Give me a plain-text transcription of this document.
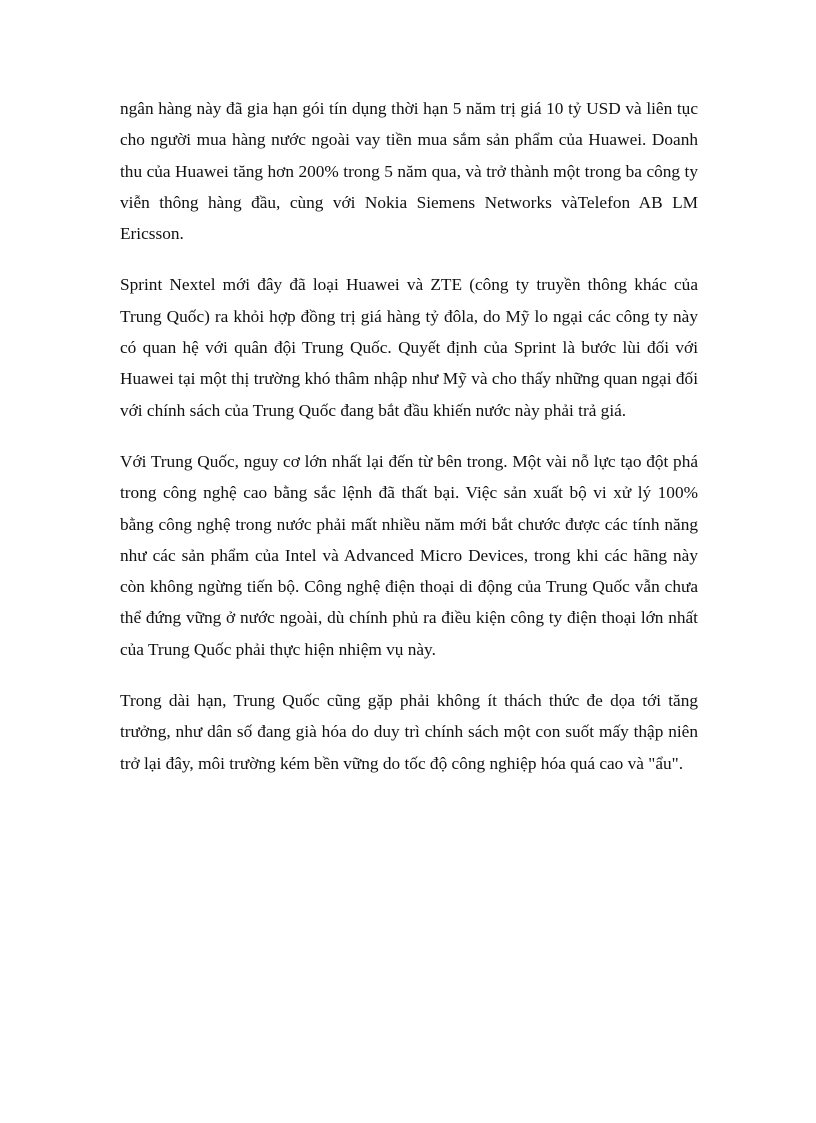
ngân hàng này đã gia hạn gói tín dụng thời hạn 5 năm trị giá 10 tỷ USD và liên tục cho người mua hàng nước ngoài vay tiền mua sắm sản phẩm của Huawei. Doanh thu của Huawei tăng hơn 200% trong 5 năm qua, và trở thành một trong ba công ty viễn thông hàng đầu, cùng với Nokia Siemens Networks vàTelefon AB LM Ericsson.

Sprint Nextel mới đây đã loại Huawei và ZTE (công ty truyền thông khác của Trung Quốc) ra khỏi hợp đồng trị giá hàng tỷ đôla, do Mỹ lo ngại các công ty này có quan hệ với quân đội Trung Quốc. Quyết định của Sprint là bước lùi đối với Huawei tại một thị trường khó thâm nhập như Mỹ và cho thấy những quan ngại đối với chính sách của Trung Quốc đang bắt đầu khiến nước này phải trả giá.

Với Trung Quốc, nguy cơ lớn nhất lại đến từ bên trong. Một vài nỗ lực tạo đột phá trong công nghệ cao bằng sắc lệnh đã thất bại. Việc sản xuất bộ vi xử lý 100% bằng công nghệ trong nước phải mất nhiều năm mới bắt chước được các tính năng như các sản phẩm của Intel và Advanced Micro Devices, trong khi các hãng này còn không ngừng tiến bộ. Công nghệ điện thoại di động của Trung Quốc vẫn chưa thể đứng vững ở nước ngoài, dù chính phủ ra điều kiện công ty điện thoại lớn nhất của Trung Quốc phải thực hiện nhiệm vụ này.

Trong dài hạn, Trung Quốc cũng gặp phải không ít thách thức đe dọa tới tăng trưởng, như dân số đang già hóa do duy trì chính sách một con suốt mấy thập niên trở lại đây, môi trường kém bền vững do tốc độ công nghiệp hóa quá cao và "ẩu".
